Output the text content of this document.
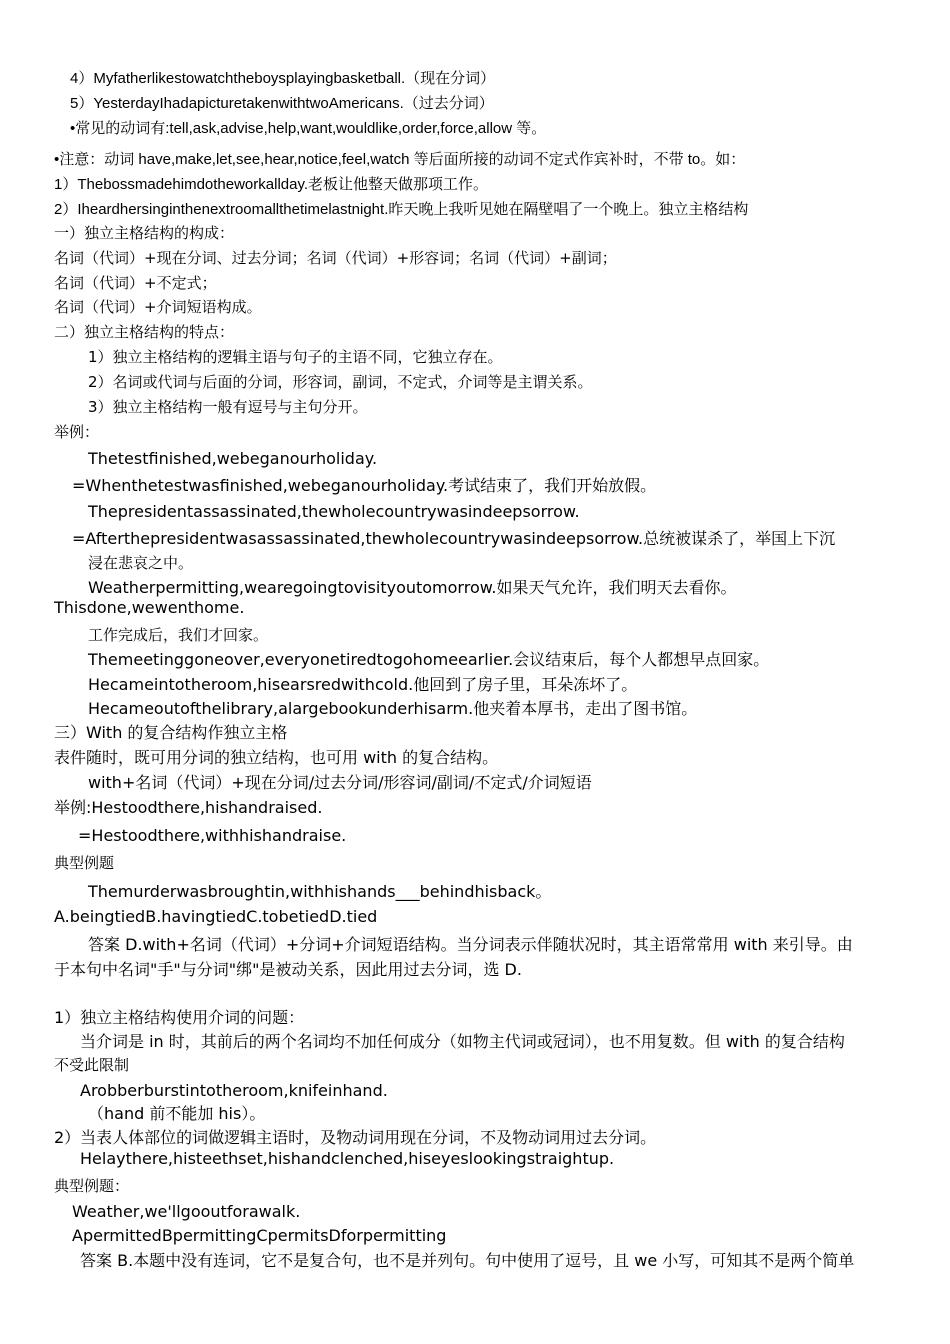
4）Myfatherlikestowatchtheboysplayingbasketball.（现在分词）
5）YesterdayIhadapicturetakenwithtwoAmericans.（过去分词）
•常见的动词有:tell,ask,advise,help,want,wouldlike,order,force,allow 等。
•注意：动词 have,make,let,see,hear,notice,feel,watch 等后面所接的动词不定式作宾补时，不带 to。如：
1）Thebossmadehimdotheworkallday.老板让他整天做那项工作。
2）Iheardhersinginthenextroomallthetimelastnight.昨天晚上我听见她在隔壁唱了一个晚上。独立主格结构
一）独立主格结构的构成：
名词（代词）+现在分词、过去分词；名词（代词）+形容词；名词（代词）+副词；
名词（代词）+不定式；
名词（代词）+介词短语构成。
二）独立主格结构的特点：
1）独立主格结构的逻辑主语与句子的主语不同，它独立存在。
2）名词或代词与后面的分词，形容词，副词，不定式，介词等是主谓关系。
3）独立主格结构一般有逗号与主句分开。
举例：
Thetestfinished,webeganourholiday.
=Whenthetestwasfinished,webeganourholiday.考试结束了，我们开始放假。
Thepresidentassassinated,thewholecountrywasindeepsorrow.
=Afterthepresidentwasassassinated,thewholecountrywasindeepsorrow.总统被谋杀了，举国上下沉
浸在悲哀之中。
Weatherpermitting,wearegoingtovisityoutomorrow.如果天气允许，我们明天去看你。
Thisdone,wewenthome.
工作完成后，我们才回家。
Themeetinggoneover,everyonetiredtogohomeearlier.会议结束后，每个人都想早点回家。
Hecameintotheroom,hisearsredwithcold.他回到了房子里，耳朵冻坏了。
Hecameoutofthelibrary,alargebookunderhisarm.他夹着本厚书，走出了图书馆。
三）With 的复合结构作独立主格
表件随时，既可用分词的独立结构，也可用 with 的复合结构。
with+名词（代词）+现在分词/过去分词/形容词/副词/不定式/介词短语
举例:Hestoodthere,hishandraised.
=Hestoodthere,withhishandraise.
典型例题
Themurderwasbroughtin,withhishands___behindhisback。
A.beingtiedB.havingtiedC.tobetiedD.tied
答案 D.with+名词（代词）+分词+介词短语结构。当分词表示伴随状况时，其主语常常用 with 来引导。由
于本句中名词"手"与分词"绑"是被动关系，因此用过去分词，选 D.
1）独立主格结构使用介词的问题：
当介词是 in 时，其前后的两个名词均不加任何成分（如物主代词或冠词），也不用复数。但 with 的复合结构
不受此限制
Arobberburstintotheroom,knifeinhand.
（hand 前不能加 his）。
2）当表人体部位的词做逻辑主语时，及物动词用现在分词，不及物动词用过去分词。
Helaythere,histeethset,hishandclenched,hiseyeslookingstraightup.
典型例题：
Weather,we'llgooutforawalk.
ApermittedBpermittingCpermitsDforpermitting
答案 B.本题中没有连词，它不是复合句，也不是并列句。句中使用了逗号，且 we 小写，可知其不是两个简单
